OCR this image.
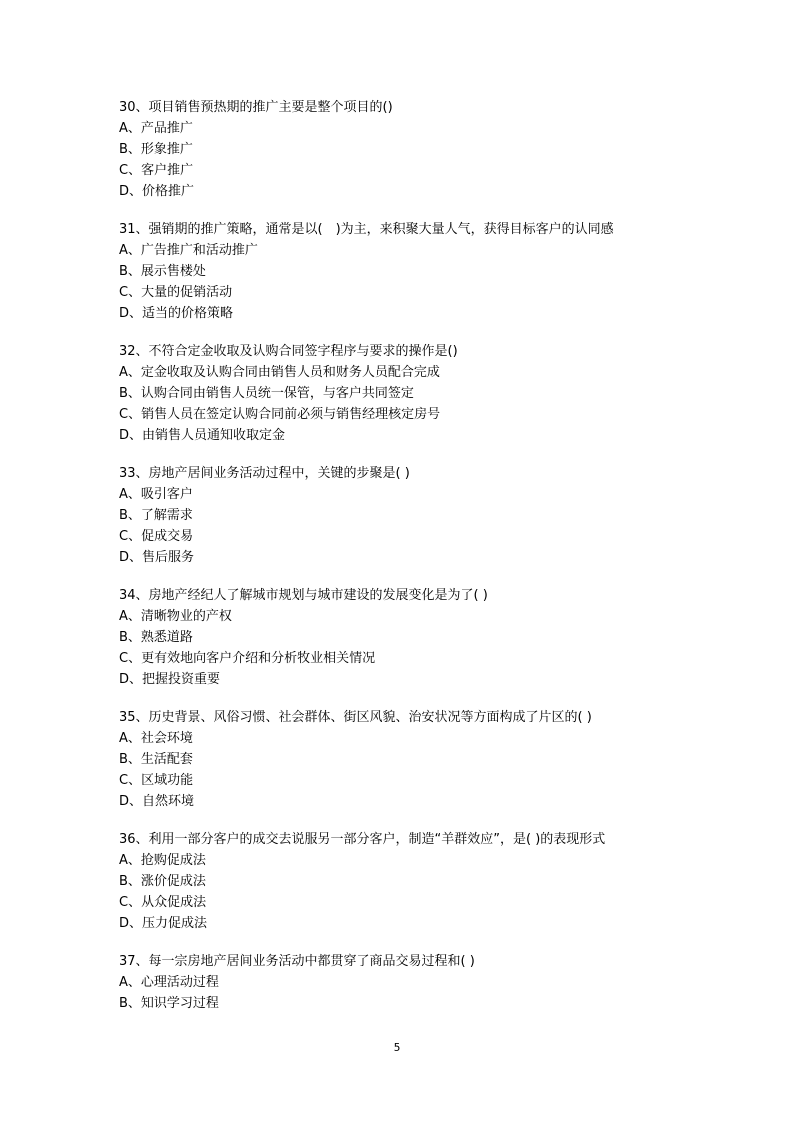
30、项目销售预热期的推广主要是整个项目的()
A、产品推广
B、形象推广
C、客户推广
D、价格推广
31、强销期的推广策略，通常是以(　)为主，来积聚大量人气，获得目标客户的认同感
A、广告推广和活动推广
B、展示售楼处
C、大量的促销活动
D、适当的价格策略
32、不符合定金收取及认购合同签字程序与要求的操作是()
A、定金收取及认购合同由销售人员和财务人员配合完成
B、认购合同由销售人员统一保管，与客户共同签定
C、销售人员在签定认购合同前必须与销售经理核定房号
D、由销售人员通知收取定金
33、房地产居间业务活动过程中，关键的步聚是( )
A、吸引客户
B、了解需求
C、促成交易
D、售后服务
34、房地产经纪人了解城市规划与城市建设的发展变化是为了( )
A、清晰物业的产权
B、熟悉道路
C、更有效地向客户介绍和分析牧业相关情况
D、把握投资重要
35、历史背景、风俗习惯、社会群体、街区风貌、治安状况等方面构成了片区的( )
A、社会环境
B、生活配套
C、区域功能
D、自然环境
36、利用一部分客户的成交去说服另一部分客户，制造“羊群效应”，是( )的表现形式
A、抢购促成法
B、涨价促成法
C、从众促成法
D、压力促成法
37、每一宗房地产居间业务活动中都贯穿了商品交易过程和( )
A、心理活动过程
B、知识学习过程
5
